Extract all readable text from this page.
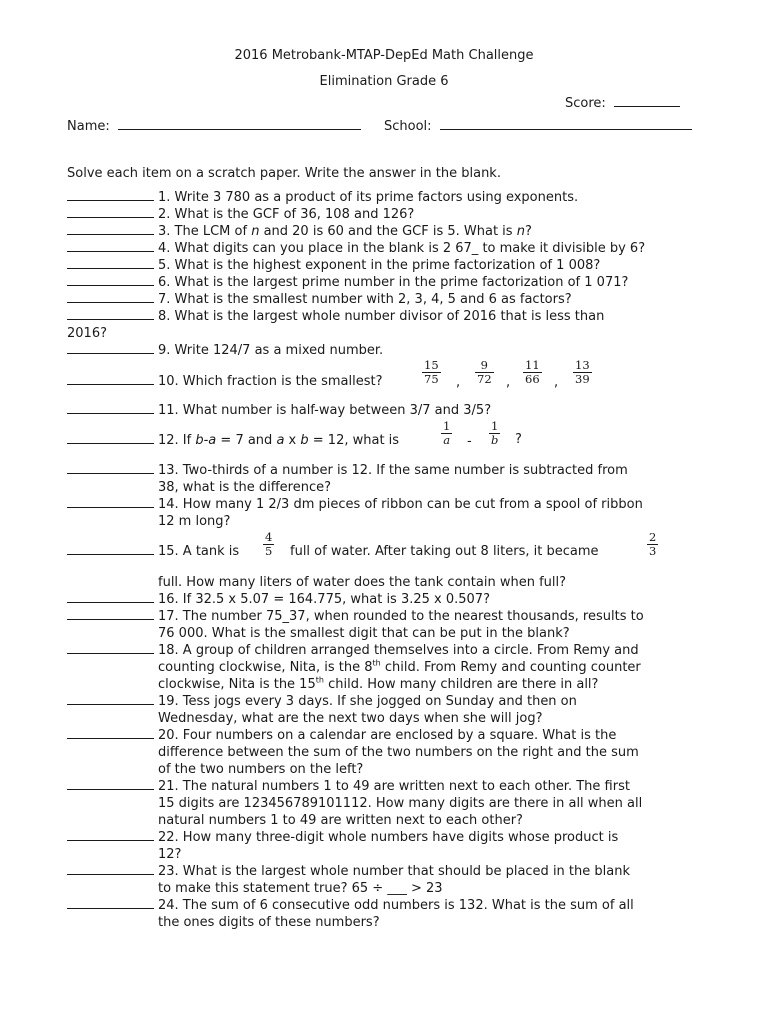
2016 Metrobank-MTAP-DepEd Math Challenge
Elimination Grade 6
Score:
Name:	School:
Solve each item on a scratch paper. Write the answer in the blank.
1. Write 3 780 as a product of its prime factors using exponents.
2. What is the GCF of 36, 108 and 126?
3. The LCM of n and 20 is 60 and the GCF is 5. What is n?
4. What digits can you place in the blank is 2 67_ to make it divisible by 6?
5. What is the highest exponent in the prime factorization of 1 008?
6. What is the largest prime number in the prime factorization of 1 071?
7. What is the smallest number with 2, 3, 4, 5 and 6 as factors?
8. What is the largest whole number divisor of 2016 that is less than
2016?
9. Write 124/7 as a mixed number.
10. Which fraction is the smallest?	$\frac{15}{75}$ , $\frac{9}{72}$ , $\frac{11}{66}$ , $\frac{13}{39}$
11. What number is half-way between 3/7 and 3/5?
12. If b-a = 7 and a x b = 12, what is	$\frac{1}{a} - \frac{1}{b}$ ?
13. Two-thirds of a number is 12. If the same number is subtracted from
38, what is the difference?
14. How many 1 2/3 dm pieces of ribbon can be cut from a spool of ribbon
12 m long?
15. A tank is $\frac{4}{5}$ full of water. After taking out 8 liters, it became	$\frac{2}{3}$
full. How many liters of water does the tank contain when full?
16. If 32.5 x 5.07 = 164.775, what is 3.25 x 0.507?
17. The number 75_37, when rounded to the nearest thousands, results to
76 000. What is the smallest digit that can be put in the blank?
18. A group of children arranged themselves into a circle. From Remy and
counting clockwise, Nita, is the 8th child. From Remy and counting counter
clockwise, Nita is the 15th child. How many children are there in all?
19. Tess jogs every 3 days. If she jogged on Sunday and then on
Wednesday, what are the next two days when she will jog?
20. Four numbers on a calendar are enclosed by a square. What is the
difference between the sum of the two numbers on the right and the sum
of the two numbers on the left?
21. The natural numbers 1 to 49 are written next to each other. The first
15 digits are 123456789101112. How many digits are there in all when all
natural numbers 1 to 49 are written next to each other?
22. How many three-digit whole numbers have digits whose product is
12?
23. What is the largest whole number that should be placed in the blank
to make this statement true? 65 ÷ ___ > 23
24. The sum of 6 consecutive odd numbers is 132. What is the sum of all
the ones digits of these numbers?
